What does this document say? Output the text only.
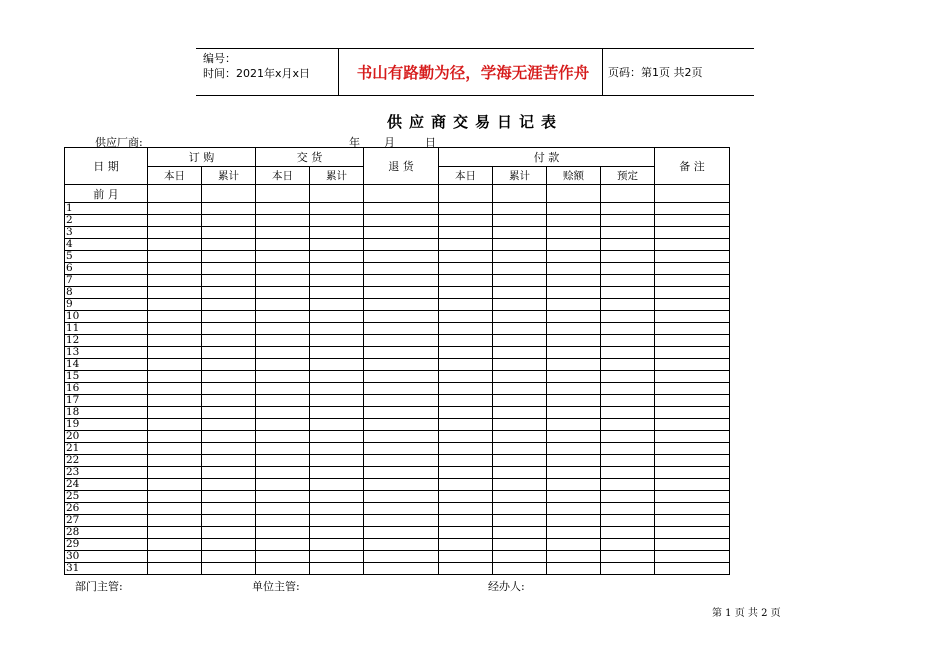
编号：
时间：2021年x月x日	书山有路勤为径，学海无涯苦作舟	页码：第1页 共2页
供应商交易日记表
供应厂商:	年 月	日
日 期	订 购		交 货		退 货	付 款				备 注
	本日	累计	本日	累计		本日	累计	赊额	预定	
前 月										
1										
2										
3										
4										
5										
6										
7										
8										
9										
10										
11										
12										
13										
14										
15										
16										
17										
18										
19										
20										
21										
22										
23										
24										
25										
26										
27										
28										
29										
30										
31										
部门主管:	单位主管:	经办人:
第 1 页 共 2 页
